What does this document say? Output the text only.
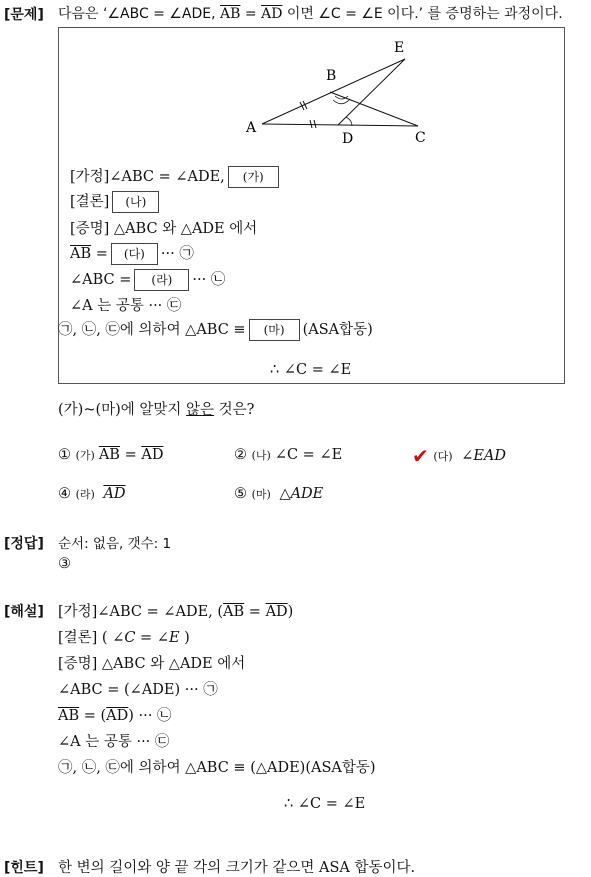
[문제] 다음은 ‘∠ABC = ∠ADE, $\overline{AB} = \overline{AD}$ 이면 ∠C = ∠E 이다.’ 를 증명하는 과정이다.
A
B
C
D
E
[가정]∠ABC = ∠ADE, (가)
[결론] (나)
[증명] △ABC 와 △ADE 에서
$\overline{AB}$ = (다) ··· ㉠
∠ABC = (라) ··· ㉡
∠A 는 공통 ··· ㉢
㉠, ㉡, ㉢에 의하여 △ABC ≡ (마) (ASA합동)
∴ ∠C = ∠E
(가)~(마)에 알맞지 않은 것은?
① (가) $\overline{AB} = \overline{AD}$	② (나) ∠C = ∠E	✔ (다) ∠EAD
④ (라) $\overline{AD}$	⑤ (마) △ADE
[정답] 순서: 없음, 갯수: 1
③
[해설] [가정]∠ABC = ∠ADE, $(\overline{AB} = \overline{AD})$
[결론] ( ∠C = ∠E )
[증명] △ABC 와 △ADE 에서
∠ABC = (∠ADE) ··· ㉠
$\overline{AB} = (\overline{AD})$ ··· ㉡
∠A 는 공통 ··· ㉢
㉠, ㉡, ㉢에 의하여 △ABC ≡ (△ADE)(ASA합동)
∴ ∠C = ∠E
[힌트] 한 변의 길이와 양 끝 각의 크기가 같으면 ASA 합동이다.
